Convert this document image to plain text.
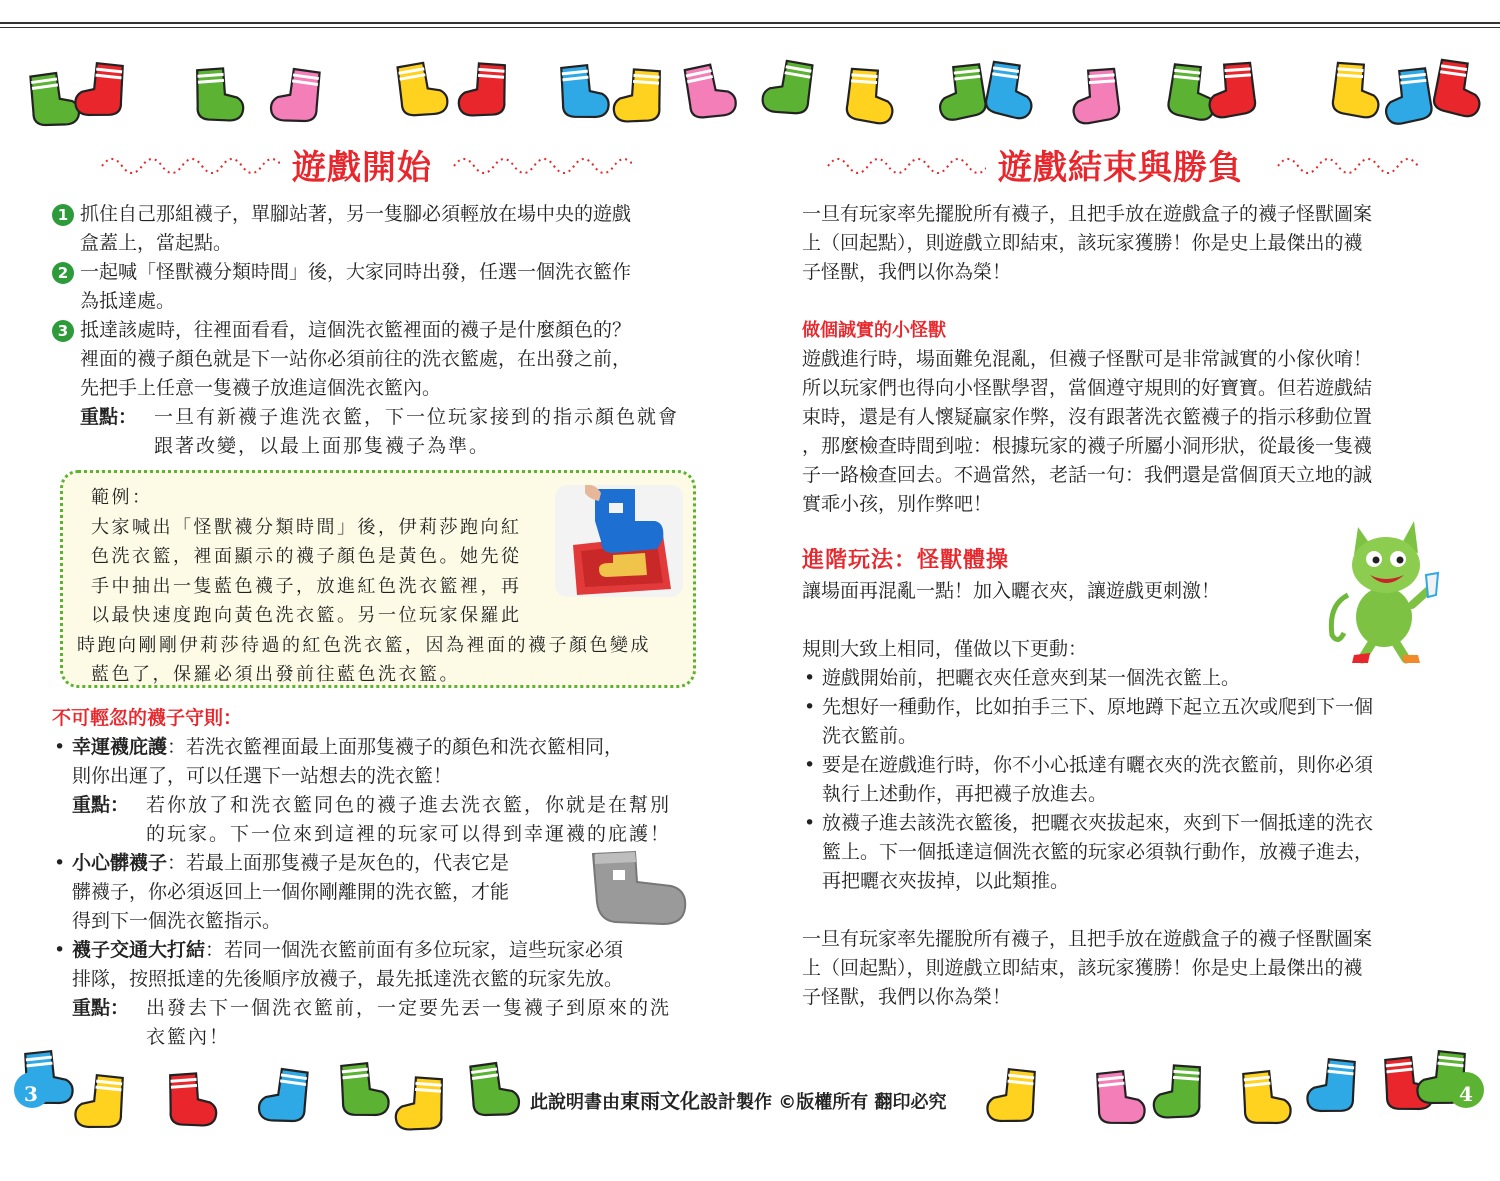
遊戲開始
1 抓住自己那組襪子，單腳站著，另一隻腳必須輕放在場中央的遊戲

盒蓋上，當起點。

2 一起喊「怪獸襪分類時間」後，大家同時出發，任選一個洗衣籃作

為抵達處。

3 抵達該處時，往裡面看看，這個洗衣籃裡面的襪子是什麼顏色的？

裡面的襪子顏色就是下一站你必須前往的洗衣籃處，在出發之前，

先把手上任意一隻襪子放進這個洗衣籃內。

重點： 一旦有新襪子進洗衣籃，下一位玩家接到的指示顏色就會

跟著改變，以最上面那隻襪子為準。

範例：

大家喊出「怪獸襪分類時間」後，伊莉莎跑向紅

色洗衣籃，裡面顯示的襪子顏色是黃色。她先從

手中抽出一隻藍色襪子，放進紅色洗衣籃裡，再

以最快速度跑向黃色洗衣籃。另一位玩家保羅此

時跑向剛剛伊莉莎待過的紅色洗衣籃，因為裡面的襪子顏色變成

藍色了，保羅必須出發前往藍色洗衣籃。

不可輕忽的襪子守則：

• 幸運襪庇護：若洗衣籃裡面最上面那隻襪子的顏色和洗衣籃相同，

則你出運了，可以任選下一站想去的洗衣籃！

重點： 若你放了和洗衣籃同色的襪子進去洗衣籃，你就是在幫別

的玩家。下一位來到這裡的玩家可以得到幸運襪的庇護！

• 小心髒襪子：若最上面那隻襪子是灰色的，代表它是

髒襪子，你必須返回上一個你剛離開的洗衣籃，才能

得到下一個洗衣籃指示。

• 襪子交通大打結：若同一個洗衣籃前面有多位玩家，這些玩家必須

排隊，按照抵達的先後順序放襪子，最先抵達洗衣籃的玩家先放。

重點： 出發去下一個洗衣籃前，一定要先丟一隻襪子到原來的洗

衣籃內！

遊戲結束與勝負

一旦有玩家率先擺脫所有襪子，且把手放在遊戲盒子的襪子怪獸圖案

上（回起點），則遊戲立即結束，該玩家獲勝！你是史上最傑出的襪

子怪獸，我們以你為榮！

做個誠實的小怪獸

遊戲進行時，場面難免混亂，但襪子怪獸可是非常誠實的小傢伙唷！

所以玩家們也得向小怪獸學習，當個遵守規則的好寶寶。但若遊戲結

束時，還是有人懷疑贏家作弊，沒有跟著洗衣籃襪子的指示移動位置

，那麼檢查時間到啦：根據玩家的襪子所屬小洞形狀，從最後一隻襪

子一路檢查回去。不過當然，老話一句：我們還是當個頂天立地的誠

實乖小孩，別作弊吧！

進階玩法：怪獸體操

讓場面再混亂一點！加入曬衣夾，讓遊戲更刺激！

規則大致上相同，僅做以下更動：

• 遊戲開始前，把曬衣夾任意夾到某一個洗衣籃上。

• 先想好一種動作，比如拍手三下、原地蹲下起立五次或爬到下一個

洗衣籃前。

• 要是在遊戲進行時，你不小心抵達有曬衣夾的洗衣籃前，則你必須

執行上述動作，再把襪子放進去。

• 放襪子進去該洗衣籃後，把曬衣夾拔起來，夾到下一個抵達的洗衣

籃上。下一個抵達這個洗衣籃的玩家必須執行動作，放襪子進去，

再把曬衣夾拔掉，以此類推。

一旦有玩家率先擺脫所有襪子，且把手放在遊戲盒子的襪子怪獸圖案

上（回起點），則遊戲立即結束，該玩家獲勝！你是史上最傑出的襪

子怪獸，我們以你為榮！

3	4
此說明書由東雨文化設計製作 ©版權所有 翻印必究
